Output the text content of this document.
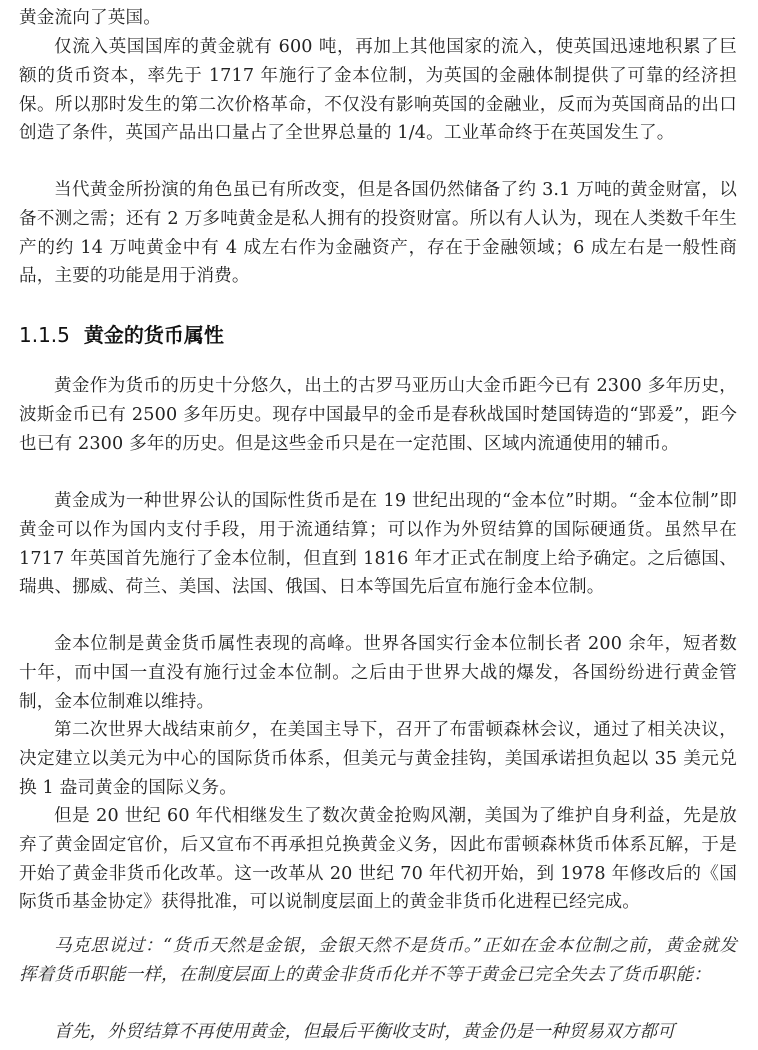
黄金流向了英国。

仅流入英国国库的黄金就有 600 吨，再加上其他国家的流入，使英国迅速地积累了巨额的货币资本，率先于 1717 年施行了金本位制，为英国的金融体制提供了可靠的经济担保。所以那时发生的第二次价格革命，不仅没有影响英国的金融业，反而为英国商品的出口创造了条件，英国产品出口量占了全世界总量的 1/4。工业革命终于在英国发生了。

当代黄金所扮演的角色虽已有所改变，但是各国仍然储备了约 3.1 万吨的黄金财富，以备不测之需；还有 2 万多吨黄金是私人拥有的投资财富。所以有人认为，现在人类数千年生产的约 14 万吨黄金中有 4 成左右作为金融资产，存在于金融领域；6 成左右是一般性商品，主要的功能是用于消费。

1.1.5 黄金的货币属性

黄金作为货币的历史十分悠久，出土的古罗马亚历山大金币距今已有 2300 多年历史，波斯金币已有 2500 多年历史。现存中国最早的金币是春秋战国时楚国铸造的“郢爰”，距今也已有 2300 多年的历史。但是这些金币只是在一定范围、区域内流通使用的辅币。

黄金成为一种世界公认的国际性货币是在 19 世纪出现的“金本位”时期。“金本位制”即黄金可以作为国内支付手段，用于流通结算；可以作为外贸结算的国际硬通货。虽然早在 1717 年英国首先施行了金本位制，但直到 1816 年才正式在制度上给予确定。之后德国、瑞典、挪威、荷兰、美国、法国、俄国、日本等国先后宣布施行金本位制。

金本位制是黄金货币属性表现的高峰。世界各国实行金本位制长者 200 余年，短者数十年，而中国一直没有施行过金本位制。之后由于世界大战的爆发，各国纷纷进行黄金管制，金本位制难以维持。

第二次世界大战结束前夕，在美国主导下，召开了布雷顿森林会议，通过了相关决议，决定建立以美元为中心的国际货币体系，但美元与黄金挂钩，美国承诺担负起以 35 美元兑换 1 盎司黄金的国际义务。

但是 20 世纪 60 年代相继发生了数次黄金抢购风潮，美国为了维护自身利益，先是放弃了黄金固定官价，后又宣布不再承担兑换黄金义务，因此布雷顿森林货币体系瓦解，于是开始了黄金非货币化改革。这一改革从 20 世纪 70 年代初开始，到 1978 年修改后的《国际货币基金协定》获得批准，可以说制度层面上的黄金非货币化进程已经完成。

马克思说过：“货币天然是金银，金银天然不是货币。”正如在金本位制之前，黄金就发挥着货币职能一样，在制度层面上的黄金非货币化并不等于黄金已完全失去了货币职能：

首先，外贸结算不再使用黄金，但最后平衡收支时，黄金仍是一种贸易双方都可
